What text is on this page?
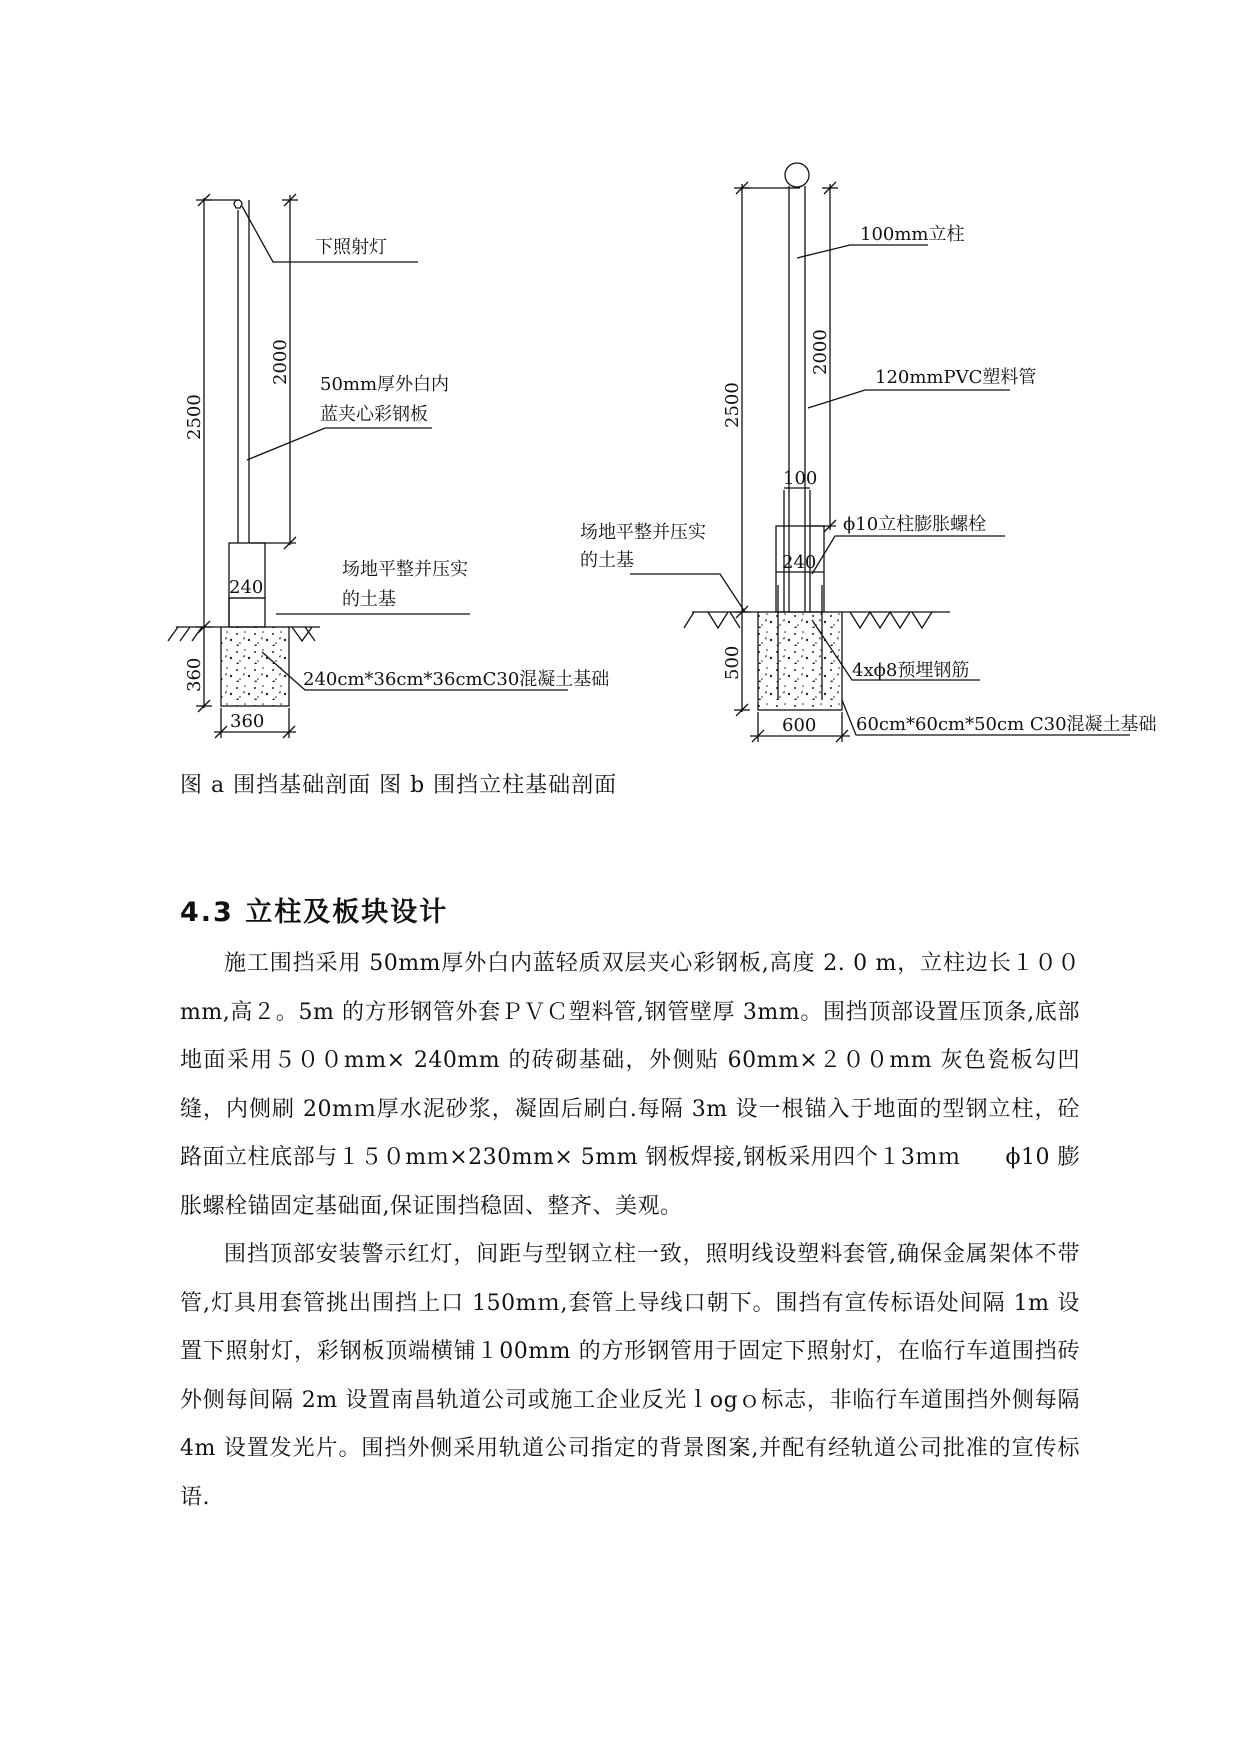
下照射灯
50mm厚外白内
蓝夹心彩钢板
场地平整并压实
的土基
240cm*36cm*36cmC30混凝土基础
2500
2000
240
360
360
100mm立柱
120mmPVC塑料管
ϕ10立柱膨胀螺栓
场地平整并压实
的土基
4xϕ8预埋钢筋
60cm*60cm*50cm C30混凝土基础
2500
2000
100
240
500
600
图 a 围挡基础剖面 图 b 围挡立柱基础剖面
4.3 立柱及板块设计

施工围挡采用 50mm厚外白内蓝轻质双层夹心彩钢板,高度 2. 0 m，立柱边长１００mm,高２。5m 的方形钢管外套ＰＶＣ塑料管,钢管壁厚 3mm。围挡顶部设置压顶条,底部地面采用５００mm× 240mm 的砖砌基础，外侧贴 60mm×２００mm 灰色瓷板勾凹缝，内侧刷 20mｍ厚水泥砂浆，凝固后刷白.每隔 3m 设一根锚入于地面的型钢立柱，砼路面立柱底部与１５０mｍ×230mm× 5mm 钢板焊接,钢板采用四个１3ｍｍ　　ϕ10 膨胀螺栓锚固定基础面,保证围挡稳固、整齐、美观。

围挡顶部安装警示红灯，间距与型钢立柱一致，照明线设塑料套管,确保金属架体不带管,灯具用套管挑出围挡上口 150mｍ,套管上导线口朝下。围挡有宣传标语处间隔 1m 设置下照射灯，彩钢板顶端横铺１00mm 的方形钢管用于固定下照射灯，在临行车道围挡砖外侧每间隔 2m 设置南昌轨道公司或施工企业反光ｌogｏ标志，非临行车道围挡外侧每隔 4m 设置发光片。围挡外侧采用轨道公司指定的背景图案,并配有经轨道公司批准的宣传标语.
